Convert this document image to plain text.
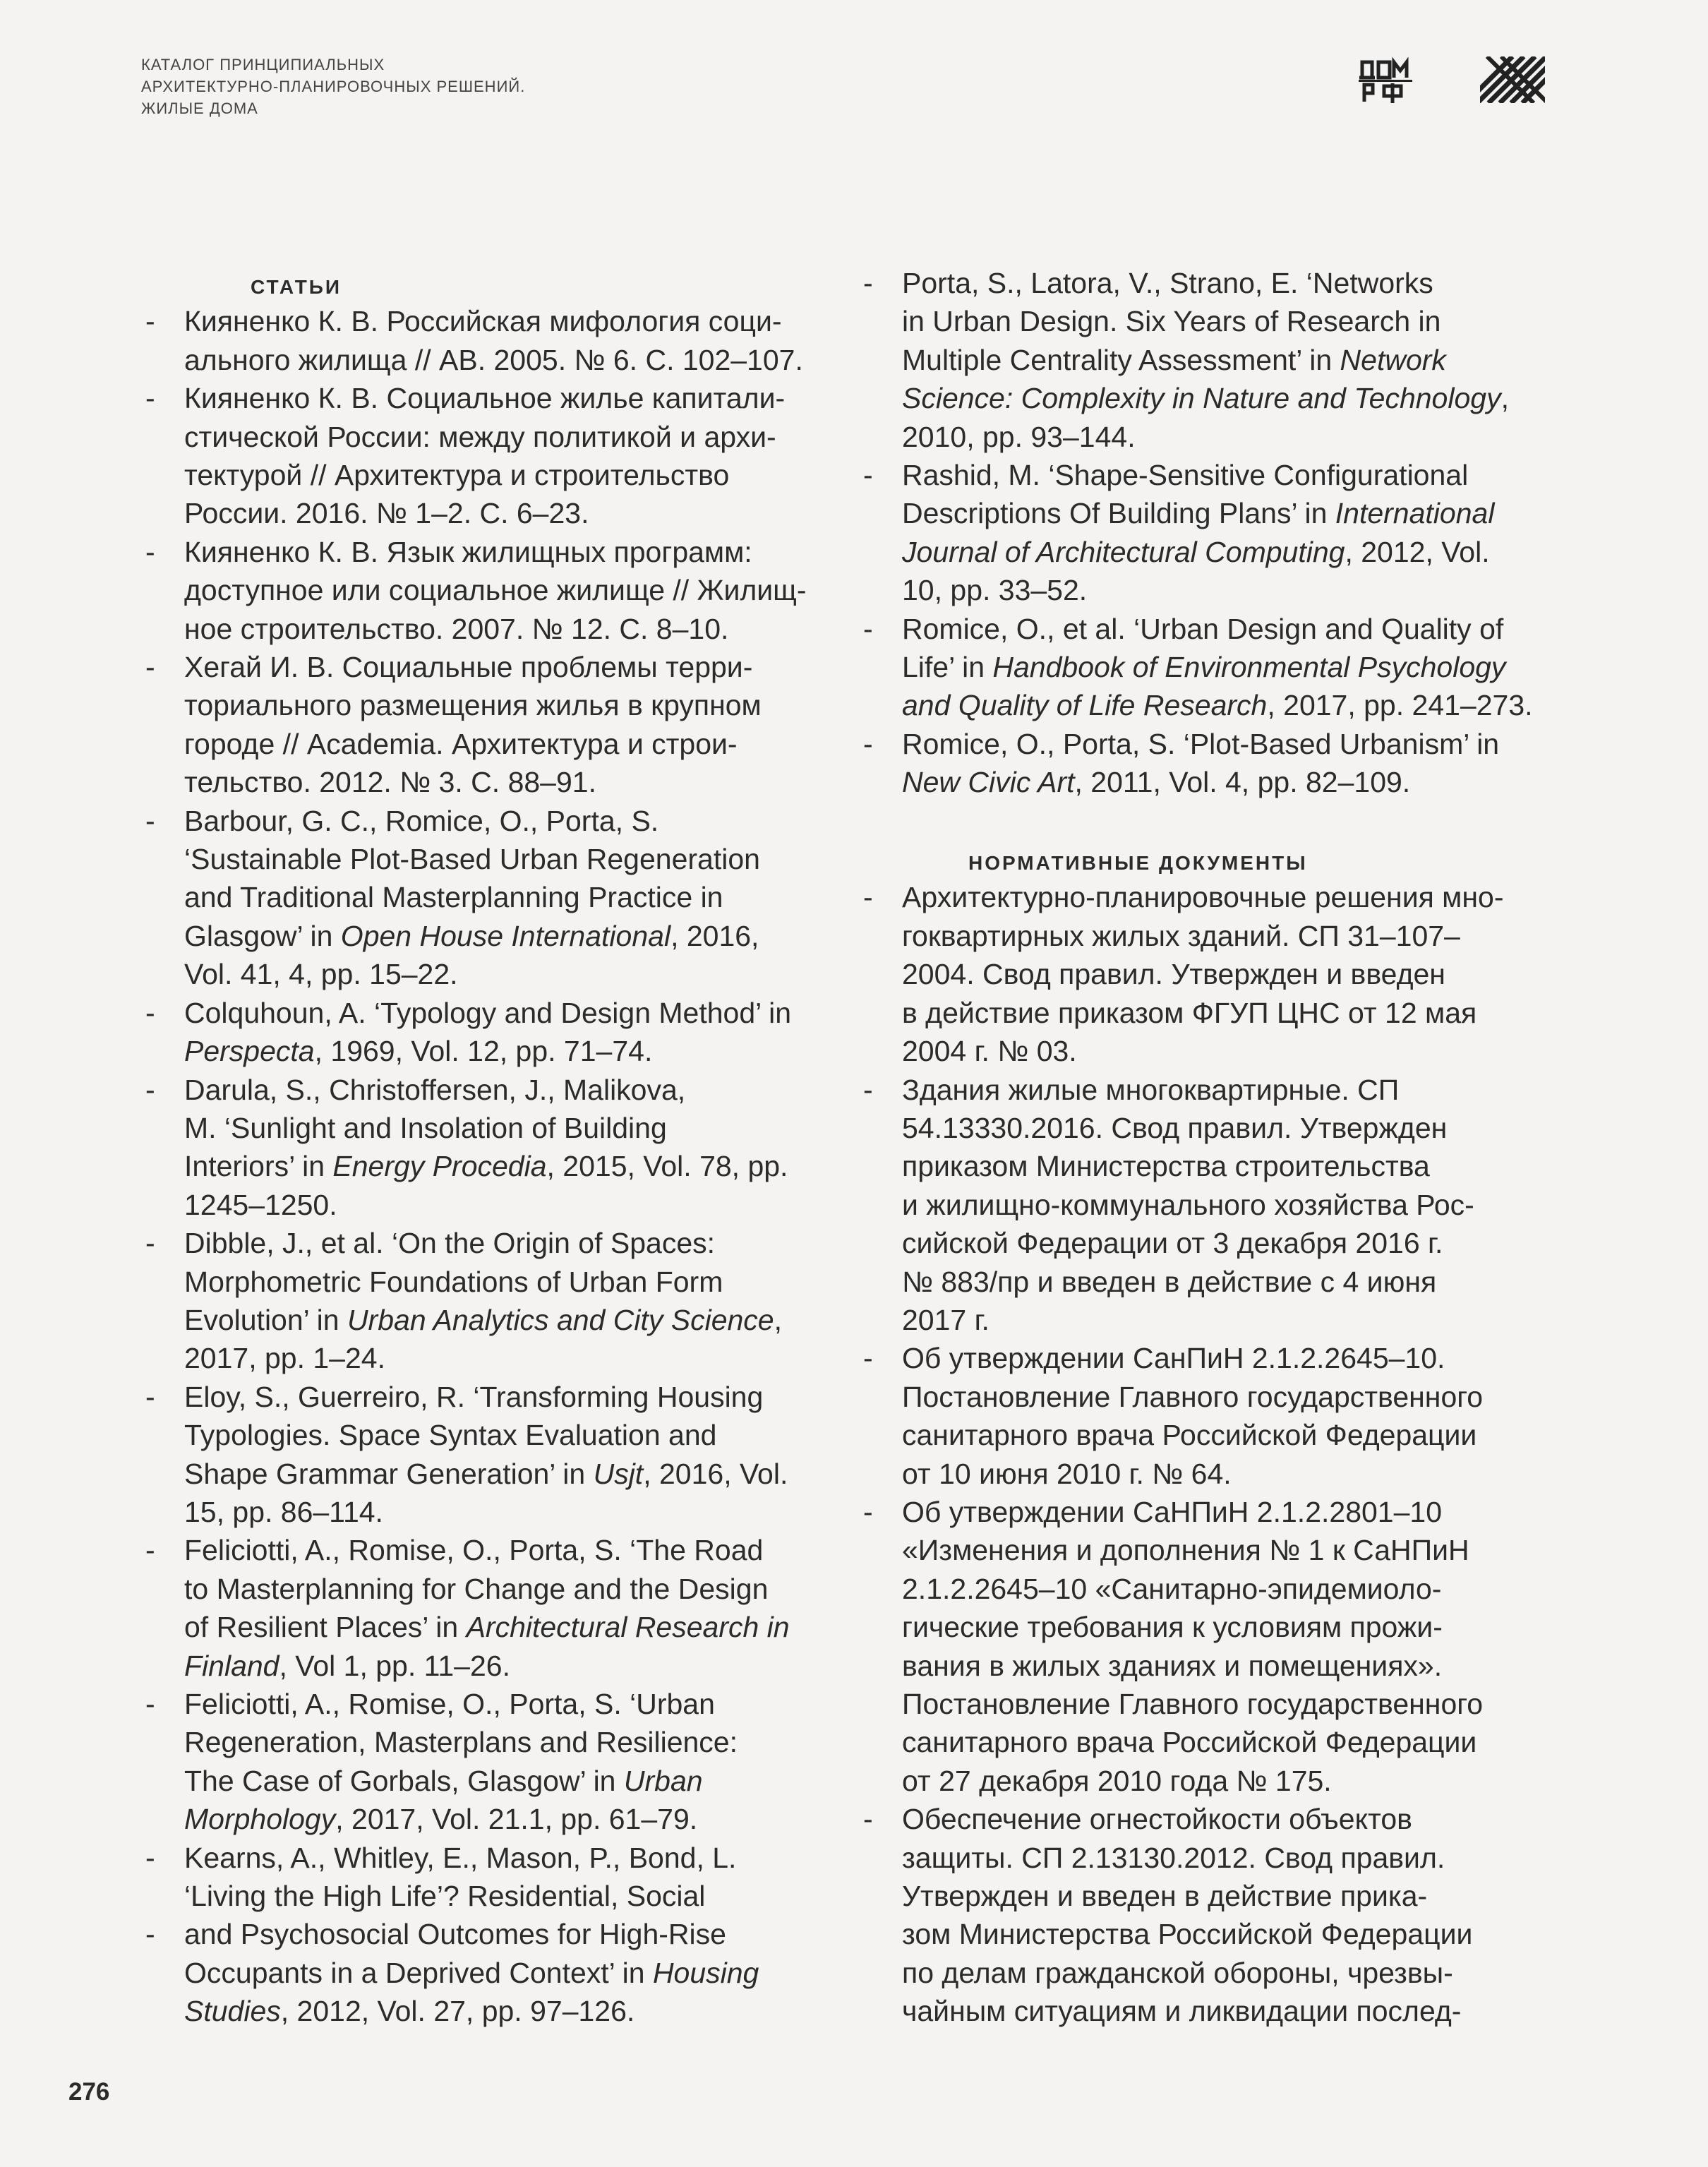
КАТАЛОГ ПРИНЦИПИАЛЬНЫХ
АРХИТЕКТУРНО-ПЛАНИРОВОЧНЫХ РЕШЕНИЙ.
ЖИЛЫЕ ДОМА
СТАТЬИ
- Кияненко К. В. Российская мифология соци-
ального жилища // АВ. 2005. № 6. С. 102–107.
- Кияненко К. В. Социальное жилье капитали-
стической России: между политикой и архи-
тектурой // Архитектура и строительство
России. 2016. № 1–2. С. 6–23.
- Кияненко К. В. Язык жилищных программ:
доступное или социальное жилище // Жилищ-
ное строительство. 2007. № 12. С. 8–10.
- Хегай И. В. Социальные проблемы терри-
ториального размещения жилья в крупном
городе // Academia. Архитектура и строи-
тельство. 2012. № 3. С. 88–91.
- Barbour, G. C., Romice, O., Porta, S.
‘Sustainable Plot-Based Urban Regeneration
and Traditional Masterplanning Practice in
Glasgow’ in Open House International, 2016,
Vol. 41, 4, pp. 15–22.
- Colquhoun, A. ‘Typology and Design Method’ in
Perspecta, 1969, Vol. 12, pp. 71–74.
- Darula, S., Christoffersen, J., Malikova,
M. ‘Sunlight and Insolation of Building
Interiors’ in Energy Procedia, 2015, Vol. 78, pp.
1245–1250.
- Dibble, J., et al. ‘On the Origin of Spaces:
Morphometric Foundations of Urban Form
Evolution’ in Urban Analytics and City Science,
2017, pp. 1–24.
- Eloy, S., Guerreiro, R. ‘Transforming Housing
Typologies. Space Syntax Evaluation and
Shape Grammar Generation’ in Usjt, 2016, Vol.
15, pp. 86–114.
- Feliciotti, A., Romise, O., Porta, S. ‘The Road
to Masterplanning for Change and the Design
of Resilient Places’ in Architectural Research in
Finland, Vol 1, pp. 11–26.
- Feliciotti, A., Romise, O., Porta, S. ‘Urban
Regeneration, Masterplans and Resilience:
The Case of Gorbals, Glasgow’ in Urban
Morphology, 2017, Vol. 21.1, pp. 61–79.
- Kearns, A., Whitley, E., Mason, P., Bond, L.
‘Living the High Life’? Residential, Social
- and Psychosocial Outcomes for High-Rise
Occupants in a Deprived Context’ in Housing
Studies, 2012, Vol. 27, pp. 97–126.
- Porta, S., Latora, V., Strano, E. ‘Networks
in Urban Design. Six Years of Research in
Multiple Centrality Assessment’ in Network
Science: Complexity in Nature and Technology,
2010, pp. 93–144.
- Rashid, M. ‘Shape-Sensitive Configurational
Descriptions Of Building Plans’ in International
Journal of Architectural Computing, 2012, Vol.
10, pp. 33–52.
- Romice, O., et al. ‘Urban Design and Quality of
Life’ in Handbook of Environmental Psychology
and Quality of Life Research, 2017, pp. 241–273.
- Romice, O., Porta, S. ‘Plot-Based Urbanism’ in
New Civic Art, 2011, Vol. 4, pp. 82–109.
НОРМАТИВНЫЕ ДОКУМЕНТЫ
- Архитектурно-планировочные решения мно-
гоквартирных жилых зданий. СП 31–107–
2004. Свод правил. Утвержден и введен
в действие приказом ФГУП ЦНС от 12 мая
2004 г. № 03.
- Здания жилые многоквартирные. СП
54.13330.2016. Свод правил. Утвержден
приказом Министерства строительства
и жилищно-коммунального хозяйства Рос-
сийской Федерации от 3 декабря 2016 г.
№ 883/пр и введен в действие с 4 июня
2017 г.
- Об утверждении СанПиН 2.1.2.2645–10.
Постановление Главного государственного
санитарного врача Российской Федерации
от 10 июня 2010 г. № 64.
- Об утверждении СаНПиН 2.1.2.2801–10
«Изменения и дополнения № 1 к СаНПиН
2.1.2.2645–10 «Санитарно-эпидемиоло-
гические требования к условиям прожи-
вания в жилых зданиях и помещениях».
Постановление Главного государственного
санитарного врача Российской Федерации
от 27 декабря 2010 года № 175.
- Обеспечение огнестойкости объектов
защиты. СП 2.13130.2012. Свод правил.
Утвержден и введен в действие прика-
зом Министерства Российской Федерации
по делам гражданской обороны, чрезвы-
чайным ситуациям и ликвидации послед-
276
